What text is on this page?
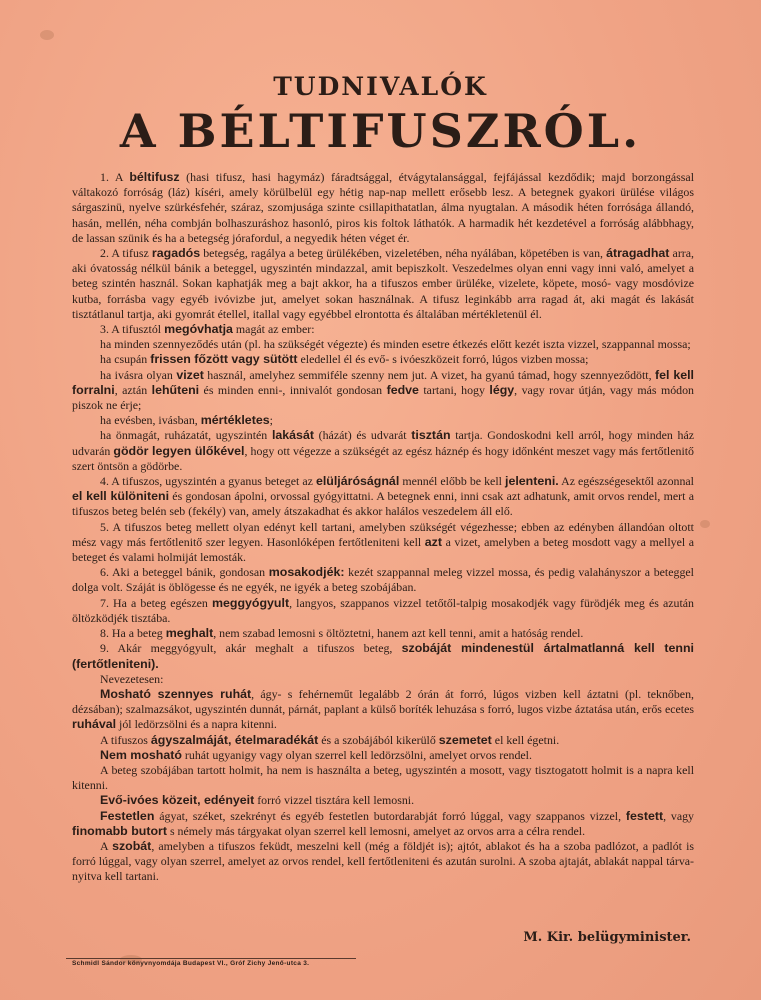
TUDNIVALÓK
A BÉLTIFUSZRÓL.

1. A béltifusz (hasi tifusz, hasi hagymáz) fáradtsággal, étvágytalansággal, fejfájással kezdődik; majd borzongással váltakozó forróság (láz) kíséri, amely körülbelül egy hétig nap-nap mellett erősebb lesz. A betegnek gyakori ürülése világos sárgaszinü, nyelve szürkésfehér, száraz, szomjusága szinte csillapithatatlan, álma nyugtalan. A második héten forrósága állandó, hasán, mellén, néha combján bolhaszuráshoz hasonló, piros kis foltok láthatók. A harmadik hét kezdetével a forróság alábbhagy, de lassan szünik és ha a betegség jórafordul, a negyedik héten véget ér.

2. A tifusz ragadós betegség, ragálya a beteg ürülékében, vizeletében, néha nyálában, köpetében is van, átragadhat arra, aki óvatosság nélkül bánik a beteggel, ugyszintén mindazzal, amit bepiszkolt. Veszedelmes olyan enni vagy inni való, amelyet a beteg szintén használ. Sokan kaphatják meg a bajt akkor, ha a tifuszos ember ürüléke, vizelete, köpete, mosó- vagy mosdóvize kutba, forrásba vagy egyéb ivóvizbe jut, amelyet sokan használnak. A tifusz leginkább arra ragad át, aki magát és lakását tisztátlanul tartja, aki gyomrát étellel, itallal vagy egyébbel elrontotta és általában mértékletenül él.

3. A tifusztól megóvhatja magát az ember:

ha minden szennyeződés után (pl. ha szükségét végezte) és minden esetre étkezés előtt kezét iszta vizzel, szappannal mossa;

ha csupán frissen főzött vagy sütött eledellel él és evő- s ivóeszközeit forró, lúgos vizben mossa;

ha ivásra olyan vizet használ, amelyhez semmiféle szenny nem jut. A vizet, ha gyanú támad, hogy szennyeződött, fel kell forralni, aztán lehűteni és minden enni-, innivalót gondosan fedve tartani, hogy légy, vagy rovar útján, vagy más módon piszok ne érje;

ha evésben, ivásban, mértékletes;

ha önmagát, ruházatát, ugyszintén lakását (házát) és udvarát tisztán tartja. Gondoskodni kell arról, hogy minden ház udvarán gödör legyen ülőkével, hogy ott végezze a szükségét az egész háznép és hogy időnként meszet vagy más fertőtlenitő szert öntsön a gödörbe.

4. A tifuszos, ugyszintén a gyanus beteget az elüljáróságnál mennél előbb be kell jelenteni. Az egészségesektől azonnal el kell különiteni és gondosan ápolni, orvossal gyógyittatni. A betegnek enni, inni csak azt adhatunk, amit orvos rendel, mert a tifuszos beteg belén seb (fekély) van, amely átszakadhat és akkor halálos veszedelem áll elő.

5. A tifuszos beteg mellett olyan edényt kell tartani, amelyben szükségét végezhesse; ebben az edényben állandóan oltott mész vagy más fertőtlenitő szer legyen. Hasonlóképen fertőtleniteni kell azt a vizet, amelyben a beteg mosdott vagy a mellyel a beteget és valami holmiját lemosták.

6. Aki a beteggel bánik, gondosan mosakodjék: kezét szappannal meleg vizzel mossa, és pedig valahányszor a beteggel dolga volt. Száját is öblögesse és ne egyék, ne igyék a beteg szobájában.

7. Ha a beteg egészen meggyógyult, langyos, szappanos vizzel tetőtől-talpig mosakodjék vagy fürödjék meg és azután öltözködjék tisztába.

8. Ha a beteg meghalt, nem szabad lemosni s öltöztetni, hanem azt kell tenni, amit a hatóság rendel.

9. Akár meggyógyult, akár meghalt a tifuszos beteg, szobáját mindenestül ártalmatlanná kell tenni (fertőtleniteni).

Nevezetesen:

Mosható szennyes ruhát, ágy- s fehérneműt legalább 2 órán át forró, lúgos vizben kell áztatni (pl. teknőben, dézsában); szalmazsákot, ugyszintén dunnát, párnát, paplant a külső boríték lehuzása s forró, lugos vizbe áztatása után, erős ecetes ruhával jól ledörzsölni és a napra kitenni.

A tifuszos ágyszalmáját, ételmaradékát és a szobájából kikerülő szemetet el kell égetni.

Nem mosható ruhát ugyanigy vagy olyan szerrel kell ledörzsölni, amelyet orvos rendel.

A beteg szobájában tartott holmit, ha nem is használta a beteg, ugyszintén a mosott, vagy tisztogatott holmit is a napra kell kitenni.

Evő-ivóes közeit, edényeit forró vizzel tisztára kell lemosni.

Festetlen ágyat, széket, szekrényt és egyéb festetlen butordarabját forró lúggal, vagy szappanos vizzel, festett, vagy finomabb butort s némely más tárgyakat olyan szerrel kell lemosni, amelyet az orvos arra a célra rendel.

A szobát, amelyben a tifuszos feküdt, meszelni kell (még a földjét is); ajtót, ablakot és ha a szoba padlózot, a padlót is forró lúggal, vagy olyan szerrel, amelyet az orvos rendel, kell fertőtleniteni és azután surolni. A szoba ajtaját, ablakát nappal tárva-nyitva kell tartani.

M. Kir. belügyminister.
Schmidl Sándor könyvnyomdája Budapest VI., Gróf Zichy Jenő-utca 3.
